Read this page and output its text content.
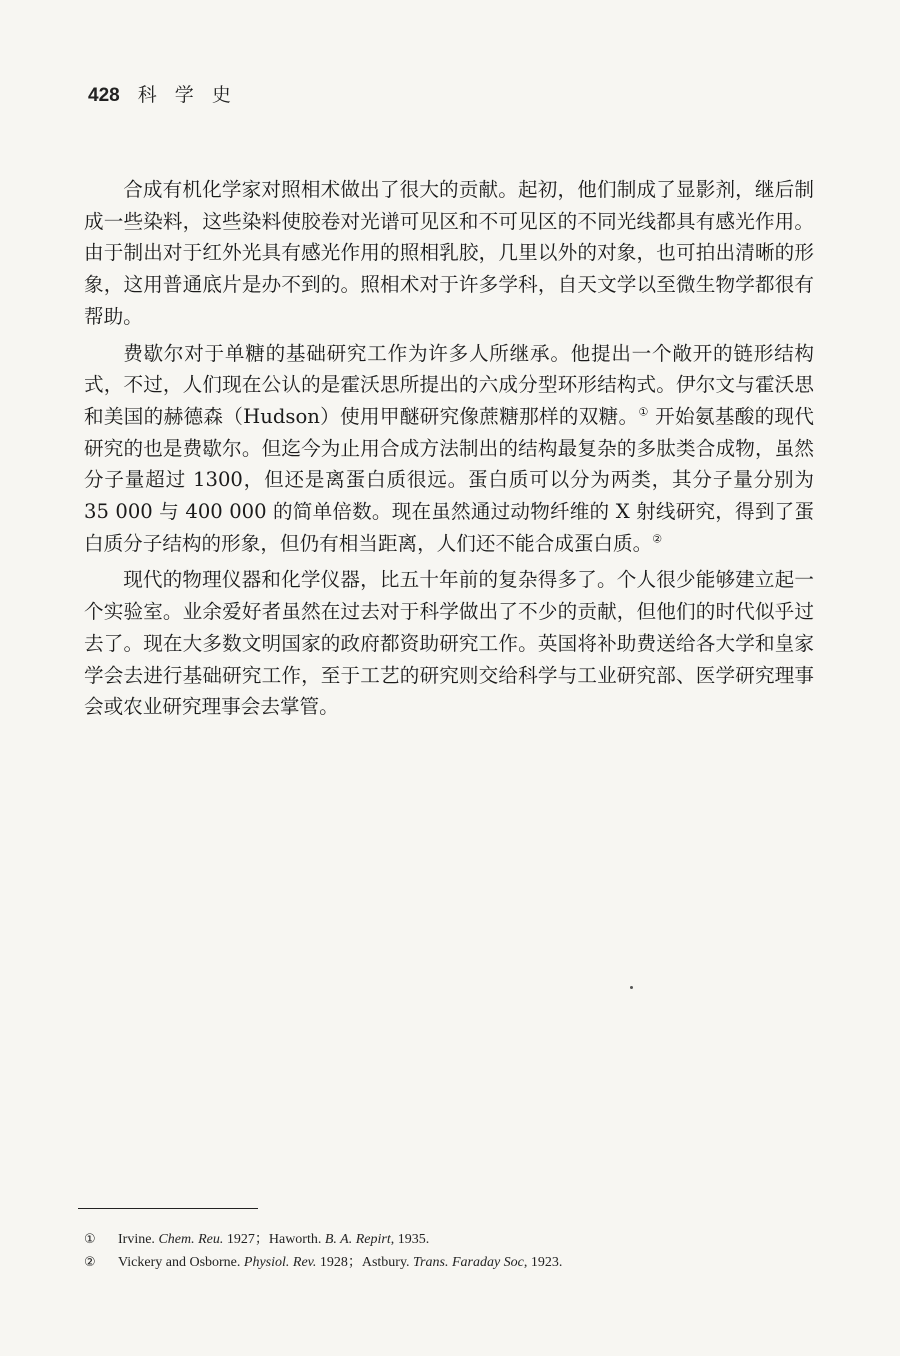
428 科 学 史

合成有机化学家对照相术做出了很大的贡献。起初，他们制成了显影剂，继后制成一些染料，这些染料使胶卷对光谱可见区和不可见区的不同光线都具有感光作用。由于制出对于红外光具有感光作用的照相乳胶，几里以外的对象，也可拍出清晰的形象，这用普通底片是办不到的。照相术对于许多学科，自天文学以至微生物学都很有帮助。

费歇尔对于单糖的基础研究工作为许多人所继承。他提出一个敞开的链形结构式，不过，人们现在公认的是霍沃思所提出的六成分型环形结构式。伊尔文与霍沃思和美国的赫德森（Hudson）使用甲醚研究像蔗糖那样的双糖。① 开始氨基酸的现代研究的也是费歇尔。但迄今为止用合成方法制出的结构最复杂的多肽类合成物，虽然分子量超过 1300，但还是离蛋白质很远。蛋白质可以分为两类，其分子量分别为 35 000 与 400 000 的简单倍数。现在虽然通过动物纤维的 X 射线研究，得到了蛋白质分子结构的形象，但仍有相当距离，人们还不能合成蛋白质。②

现代的物理仪器和化学仪器，比五十年前的复杂得多了。个人很少能够建立起一个实验室。业余爱好者虽然在过去对于科学做出了不少的贡献，但他们的时代似乎过去了。现在大多数文明国家的政府都资助研究工作。英国将补助费送给各大学和皇家学会去进行基础研究工作，至于工艺的研究则交给科学与工业研究部、医学研究理事会或农业研究理事会去掌管。

① Irvine. Chem. Reu. 1927；Haworth. B. A. Repirt, 1935.
② Vickery and Osborne. Physiol. Rev. 1928；Astbury. Trans. Faraday Soc, 1923.
